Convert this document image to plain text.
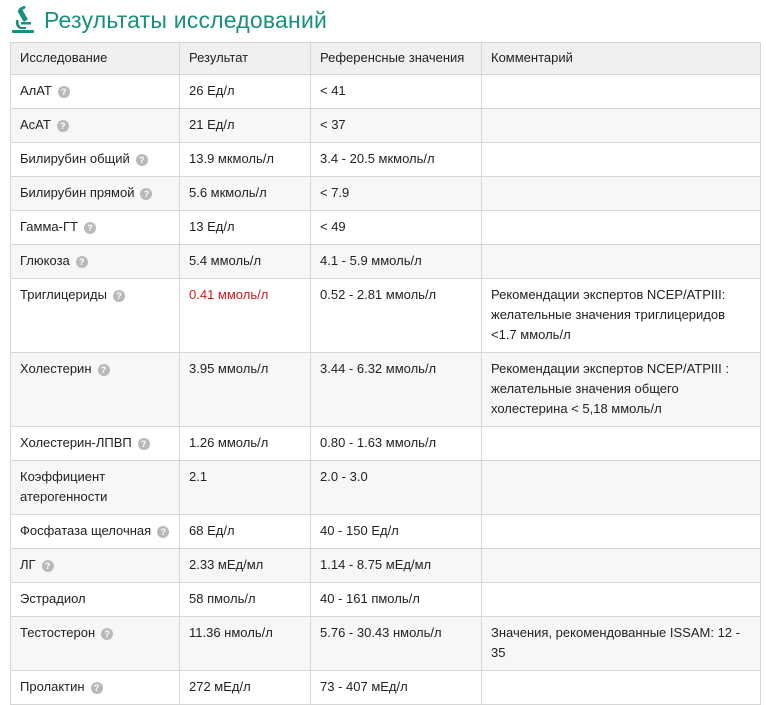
Результаты исследований
Исследование	Результат	Референсные значения	Комментарий
АлАТ ?	26 Ед/л	< 41	
АсАТ ?	21 Ед/л	< 37	
Билирубин общий ?	13.9 мкмоль/л	3.4 - 20.5 мкмоль/л	
Билирубин прямой ?	5.6 мкмоль/л	< 7.9	
Гамма-ГТ ?	13 Ед/л	< 49	
Глюкоза ?	5.4 ммоль/л	4.1 - 5.9 ммоль/л	
Триглицериды ?	0.41 ммоль/л	0.52 - 2.81 ммоль/л	Рекомендации экспертов NCEP/ATPIII: желательные значения триглицеридов <1.7 ммоль/л
Холестерин ?	3.95 ммоль/л	3.44 - 6.32 ммоль/л	Рекомендации экспертов NCEP/ATPIII : желательные значения общего холестерина < 5,18 ммоль/л
Холестерин-ЛПВП ?	1.26 ммоль/л	0.80 - 1.63 ммоль/л	
Коэффициент атерогенности	2.1	2.0 - 3.0	
Фосфатаза щелочная ?	68 Ед/л	40 - 150 Ед/л	
ЛГ ?	2.33 мЕд/мл	1.14 - 8.75 мЕд/мл	
Эстрадиол	58 пмоль/л	40 - 161 пмоль/л	
Тестостерон ?	11.36 нмоль/л	5.76 - 30.43 нмоль/л	Значения, рекомендованные ISSAM: 12 - 35
Пролактин ?	272 мЕд/л	73 - 407 мЕд/л	
